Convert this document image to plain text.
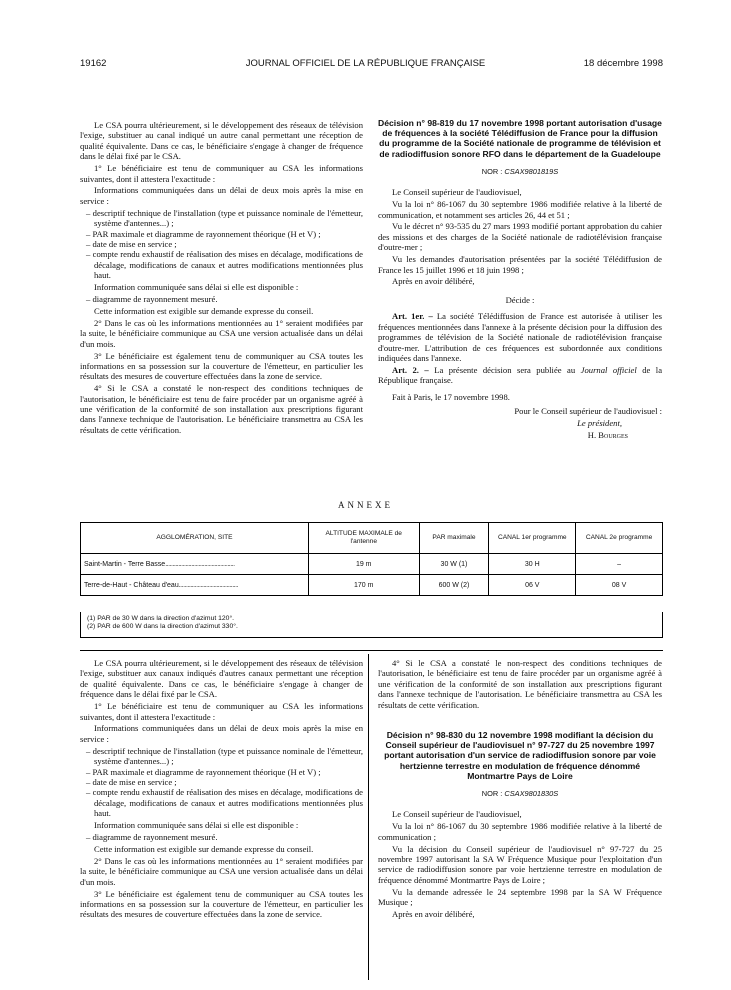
19162	JOURNAL OFFICIEL DE LA RÉPUBLIQUE FRANÇAISE	18 décembre 1998

Le CSA pourra ultérieurement, si le développement des réseaux de télévision l'exige, substituer au canal indiqué un autre canal permettant une réception de qualité équivalente. Dans ce cas, le bénéficiaire s'engage à changer de fréquence dans le délai fixé par le CSA.

1° Le bénéficiaire est tenu de communiquer au CSA les informations suivantes, dont il attestera l'exactitude :

Informations communiquées dans un délai de deux mois après la mise en service :

– descriptif technique de l'installation (type et puissance nominale de l'émetteur, système d'antennes...) ;
– PAR maximale et diagramme de rayonnement théorique (H et V) ;
– date de mise en service ;
– compte rendu exhaustif de réalisation des mises en décalage, modifications de décalage, modifications de canaux et autres modifications mentionnées plus haut.

Information communiquée sans délai si elle est disponible :

– diagramme de rayonnement mesuré.

Cette information est exigible sur demande expresse du conseil.

2° Dans le cas où les informations mentionnées au 1° seraient modifiées par la suite, le bénéficiaire communique au CSA une version actualisée dans un délai d'un mois.

3° Le bénéficiaire est également tenu de communiquer au CSA toutes les informations en sa possession sur la couverture de l'émetteur, en particulier les résultats des mesures de couverture effectuées dans la zone de service.

4° Si le CSA a constaté le non-respect des conditions techniques de l'autorisation, le bénéficiaire est tenu de faire procéder par un organisme agréé à une vérification de la conformité de son installation aux prescriptions figurant dans l'annexe technique de l'autorisation. Le bénéficiaire transmettra au CSA les résultats de cette vérification.

Décision n° 98-819 du 17 novembre 1998 portant autorisation d'usage de fréquences à la société Télédiffusion de France pour la diffusion du programme de la Société nationale de programme de télévision et de radiodiffusion sonore RFO dans le département de la Guadeloupe
NOR : CSAX9801819S

Le Conseil supérieur de l'audiovisuel,

Vu la loi n° 86-1067 du 30 septembre 1986 modifiée relative à la liberté de communication, et notamment ses articles 26, 44 et 51 ;

Vu le décret n° 93-535 du 27 mars 1993 modifié portant approbation du cahier des missions et des charges de la Société nationale de radiotélévision française d'outre-mer ;

Vu les demandes d'autorisation présentées par la société Télédiffusion de France les 15 juillet 1996 et 18 juin 1998 ;

Après en avoir délibéré,

Décide :

Art. 1er. – La société Télédiffusion de France est autorisée à utiliser les fréquences mentionnées dans l'annexe à la présente décision pour la diffusion des programmes de télévision de la Société nationale de radiotélévision française d'outre-mer. L'attribution de ces fréquences est subordonnée aux conditions indiquées dans l'annexe.

Art. 2. – La présente décision sera publiée au Journal officiel de la République française.

Fait à Paris, le 17 novembre 1998.

Pour le Conseil supérieur de l'audiovisuel :

Le président,

H. Bourges

ANNEXE
AGGLOMÉRATION, SITE	ALTITUDE MAXIMALE de l'antenne	PAR maximale	CANAL 1er programme	CANAL 2e programme
Saint-Martin - Terre Basse................................................	19 m	30 W (1)	30 H	–
Terre-de-Haut - Château d'eau.........................................	170 m	600 W (2)	06 V	08 V
(1) PAR de 30 W dans la direction d'azimut 120°.
(2) PAR de 600 W dans la direction d'azimut 330°.

Le CSA pourra ultérieurement, si le développement des réseaux de télévision l'exige, substituer aux canaux indiqués d'autres canaux permettant une réception de qualité équivalente. Dans ce cas, le bénéficiaire s'engage à changer de fréquence dans le délai fixé par le CSA.

1° Le bénéficiaire est tenu de communiquer au CSA les informations suivantes, dont il attestera l'exactitude :

Informations communiquées dans un délai de deux mois après la mise en service :

– descriptif technique de l'installation (type et puissance nominale de l'émetteur, système d'antennes...) ;
– PAR maximale et diagramme de rayonnement théorique (H et V) ;
– date de mise en service ;
– compte rendu exhaustif de réalisation des mises en décalage, modifications de décalage, modifications de canaux et autres modifications mentionnées plus haut.

Information communiquée sans délai si elle est disponible :

– diagramme de rayonnement mesuré.

Cette information est exigible sur demande expresse du conseil.

2° Dans le cas où les informations mentionnées au 1° seraient modifiées par la suite, le bénéficiaire communique au CSA une version actualisée dans un délai d'un mois.

3° Le bénéficiaire est également tenu de communiquer au CSA toutes les informations en sa possession sur la couverture de l'émetteur, en particulier les résultats des mesures de couverture effectuées dans la zone de service.

4° Si le CSA a constaté le non-respect des conditions techniques de l'autorisation, le bénéficiaire est tenu de faire procéder par un organisme agréé à une vérification de la conformité de son installation aux prescriptions figurant dans l'annexe technique de l'autorisation. Le bénéficiaire transmettra au CSA les résultats de cette vérification.

Décision n° 98-830 du 12 novembre 1998 modifiant la décision du Conseil supérieur de l'audiovisuel n° 97-727 du 25 novembre 1997 portant autorisation d'un service de radiodiffusion sonore par voie hertzienne terrestre en modulation de fréquence dénommé Montmartre Pays de Loire
NOR : CSAX9801830S

Le Conseil supérieur de l'audiovisuel,

Vu la loi n° 86-1067 du 30 septembre 1986 modifiée relative à la liberté de communication ;

Vu la décision du Conseil supérieur de l'audiovisuel n° 97-727 du 25 novembre 1997 autorisant la SA W Fréquence Musique pour l'exploitation d'un service de radiodiffusion sonore par voie hertzienne terrestre en modulation de fréquence dénommé Montmartre Pays de Loire ;

Vu la demande adressée le 24 septembre 1998 par la SA W Fréquence Musique ;

Après en avoir délibéré,
